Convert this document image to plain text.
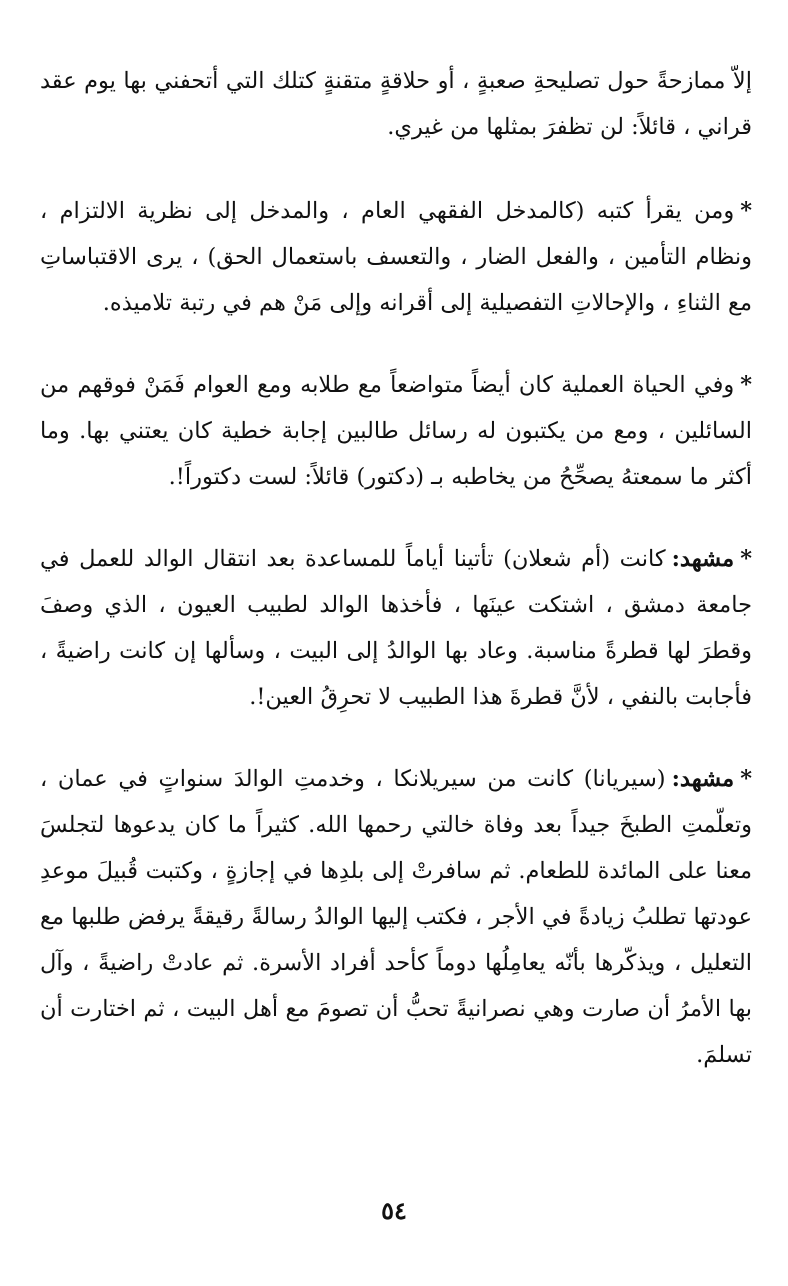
إلاّ ممازحةً حول تصليحةِ صعبةٍ ، أو حلاقةٍ متقنةٍ كتلك التي أتحفني بها يوم عقد قراني ، قائلاً: لن تظفرَ بمثلها من غيري.

*ومن يقرأ كتبه (كالمدخل الفقهي العام ، والمدخل إلى نظرية الالتزام ، ونظام التأمين ، والفعل الضار ، والتعسف باستعمال الحق) ، يرى الاقتباساتِ مع الثناءِ ، والإحالاتِ التفصيلية إلى أقرانه وإلى مَنْ هم في رتبة تلاميذه.

*وفي الحياة العملية كان أيضاً متواضعاً مع طلابه ومع العوام فَمَنْ فوقهم من السائلين ، ومع من يكتبون له رسائل طالبين إجابة خطية كان يعتني بها. وما أكثر ما سمعتهُ يصحِّحُ من يخاطبه بـ (دكتور) قائلاً: لست دكتوراً!.

*مشهد:كانت (أم شعلان) تأتينا أياماً للمساعدة بعد انتقال الوالد للعمل في جامعة دمشق ، اشتكت عينَها ، فأخذها الوالد لطبيب العيون ، الذي وصفَ وقطرَ لها قطرةً مناسبة. وعاد بها الوالدُ إلى البيت ، وسألها إن كانت راضيةً ، فأجابت بالنفي ، لأنَّ قطرةَ هذا الطبيب لا تحرِقُ العين!.

*مشهد:(سيريانا) كانت من سيريلانكا ، وخدمتِ الوالدَ سنواتٍ في عمان ، وتعلّمتِ الطبخَ جيداً بعد وفاة خالتي رحمها الله. كثيراً ما كان يدعوها لتجلسَ معنا على المائدة للطعام. ثم سافرتْ إلى بلدِها في إجازةٍ ، وكتبت قُبيلَ موعدِ عودتها تطلبُ زيادةً في الأجر ، فكتب إليها الوالدُ رسالةً رقيقةً يرفض طلبها مع التعليل ، ويذكّرها بأنّه يعامِلُها دوماً كأحد أفراد الأسرة. ثم عادتْ راضيةً ، وآل بها الأمرُ أن صارت وهي نصرانيةً تحبُّ أن تصومَ مع أهل البيت ، ثم اختارت أن تسلمَ.

٥٤
